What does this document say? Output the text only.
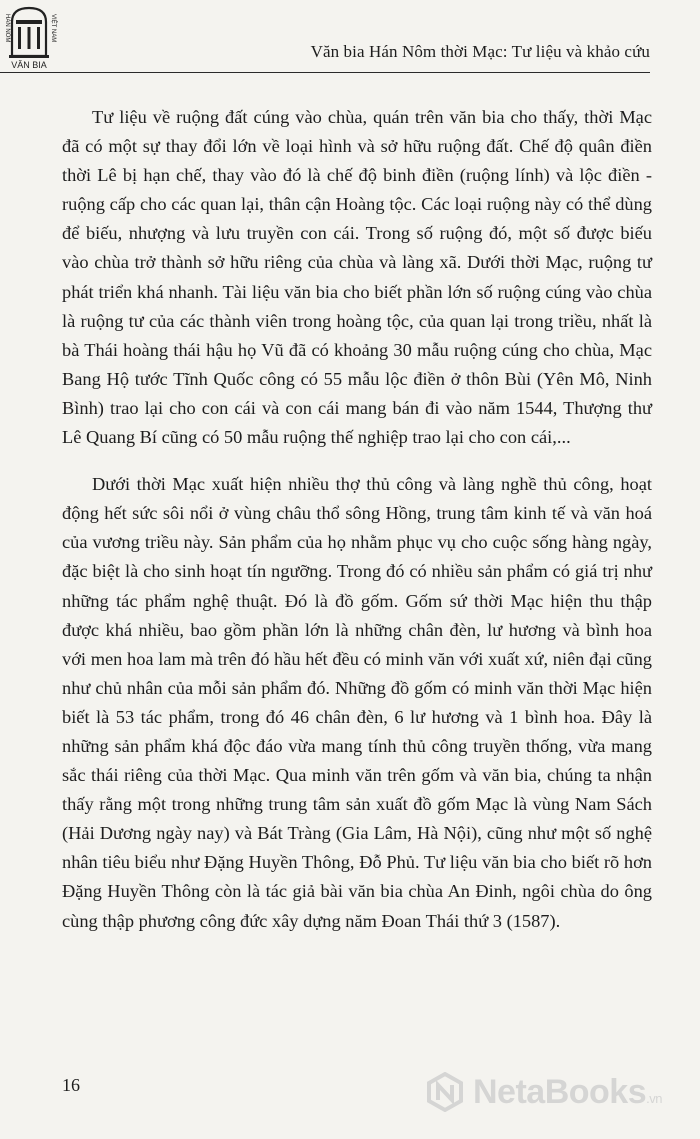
HÁN NÔM	VIỆT NAM
VĂN BIA
Văn bia Hán Nôm thời Mạc: Tư liệu và khảo cứu

Tư liệu về ruộng đất cúng vào chùa, quán trên văn bia cho thấy, thời Mạc đã có một sự thay đổi lớn về loại hình và sở hữu ruộng đất. Chế độ quân điền thời Lê bị hạn chế, thay vào đó là chế độ binh điền (ruộng lính) và lộc điền - ruộng cấp cho các quan lại, thân cận Hoàng tộc. Các loại ruộng này có thể dùng để biếu, nhượng và lưu truyền con cái. Trong số ruộng đó, một số được biếu vào chùa trở thành sở hữu riêng của chùa và làng xã. Dưới thời Mạc, ruộng tư phát triển khá nhanh. Tài liệu văn bia cho biết phần lớn số ruộng cúng vào chùa là ruộng tư của các thành viên trong hoàng tộc, của quan lại trong triều, nhất là bà Thái hoàng thái hậu họ Vũ đã có khoảng 30 mẫu ruộng cúng cho chùa, Mạc Bang Hộ tước Tĩnh Quốc công có 55 mẫu lộc điền ở thôn Bùi (Yên Mô, Ninh Bình) trao lại cho con cái và con cái mang bán đi vào năm 1544, Thượng thư Lê Quang Bí cũng có 50 mẫu ruộng thế nghiệp trao lại cho con cái,...

Dưới thời Mạc xuất hiện nhiều thợ thủ công và làng nghề thủ công, hoạt động hết sức sôi nổi ở vùng châu thổ sông Hồng, trung tâm kinh tế và văn hoá của vương triều này. Sản phẩm của họ nhằm phục vụ cho cuộc sống hàng ngày, đặc biệt là cho sinh hoạt tín ngưỡng. Trong đó có nhiều sản phẩm có giá trị như những tác phẩm nghệ thuật. Đó là đồ gốm. Gốm sứ thời Mạc hiện thu thập được khá nhiều, bao gồm phần lớn là những chân đèn, lư hương và bình hoa với men hoa lam mà trên đó hầu hết đều có minh văn với xuất xứ, niên đại cũng như chủ nhân của mỗi sản phẩm đó. Những đồ gốm có minh văn thời Mạc hiện biết là 53 tác phẩm, trong đó 46 chân đèn, 6 lư hương và 1 bình hoa. Đây là những sản phẩm khá độc đáo vừa mang tính thủ công truyền thống, vừa mang sắc thái riêng của thời Mạc. Qua minh văn trên gốm và văn bia, chúng ta nhận thấy rằng một trong những trung tâm sản xuất đồ gốm Mạc là vùng Nam Sách (Hải Dương ngày nay) và Bát Tràng (Gia Lâm, Hà Nội), cũng như một số nghệ nhân tiêu biểu như Đặng Huyền Thông, Đỗ Phủ. Tư liệu văn bia cho biết rõ hơn Đặng Huyền Thông còn là tác giả bài văn bia chùa An Đinh, ngôi chùa do ông cùng thập phương công đức xây dựng năm Đoan Thái thứ 3 (1587).

16	NetaBooks.vn
